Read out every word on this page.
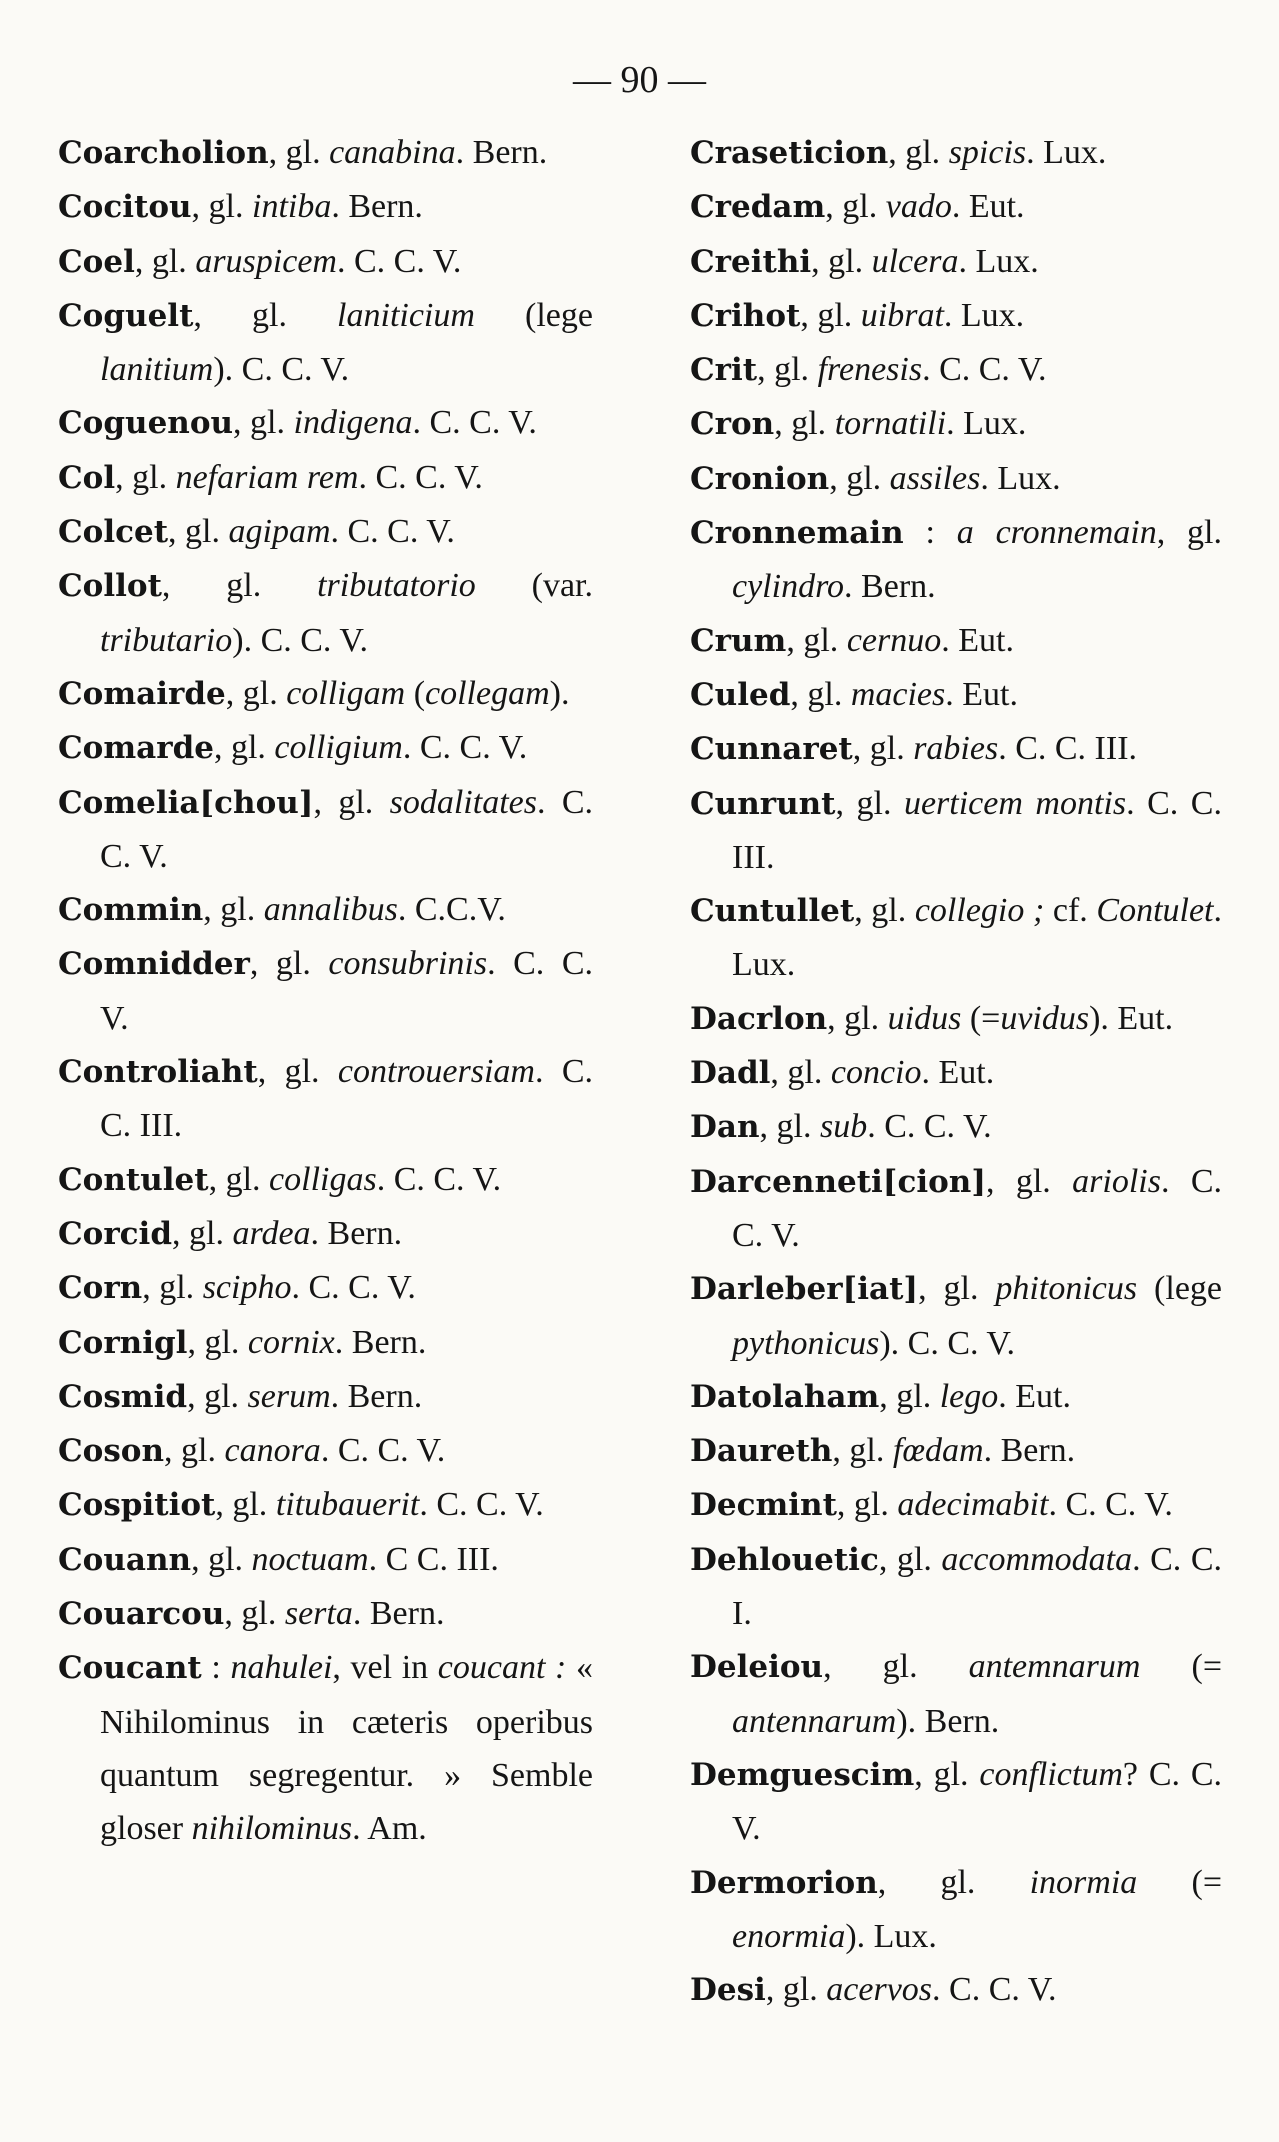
— 90 —

Coarcholion, gl. canabina. Bern.

Cocitou, gl. intiba. Bern.

Coel, gl. aruspicem. C. C. V.

Coguelt, gl. laniticium (lege lanitium). C. C. V.

Coguenou, gl. indigena. C. C. V.

Col, gl. nefariam rem. C. C. V.

Colcet, gl. agipam. C. C. V.

Collot, gl. tributatorio (var. tributario). C. C. V.

Comairde, gl. colligam (collegam).

Comarde, gl. colligium. C. C. V.

Comelia[chou], gl. sodalitates. C. C. V.

Commin, gl. annalibus. C.C.V.

Comnidder, gl. consubrinis. C. C. V.

Controliaht, gl. controuersiam. C. C. III.

Contulet, gl. colligas. C. C. V.

Corcid, gl. ardea. Bern.

Corn, gl. scipho. C. C. V.

Cornigl, gl. cornix. Bern.

Cosmid, gl. serum. Bern.

Coson, gl. canora. C. C. V.

Cospitiot, gl. titubauerit. C. C. V.

Couann, gl. noctuam. C C. III.

Couarcou, gl. serta. Bern.

Coucant : nahulei, vel in coucant : « Nihilominus in cæteris operibus quantum segregentur. » Semble gloser nihilominus. Am.

Craseticion, gl. spicis. Lux.

Credam, gl. vado. Eut.

Creithi, gl. ulcera. Lux.

Crihot, gl. uibrat. Lux.

Crit, gl. frenesis. C. C. V.

Cron, gl. tornatili. Lux.

Cronion, gl. assiles. Lux.

Cronnemain : a cronnemain, gl. cylindro. Bern.

Crum, gl. cernuo. Eut.

Culed, gl. macies. Eut.

Cunnaret, gl. rabies. C. C. III.

Cunrunt, gl. uerticem montis. C. C. III.

Cuntullet, gl. collegio ; cf. Contulet. Lux.

Dacrlon, gl. uidus (=uvidus). Eut.

Dadl, gl. concio. Eut.

Dan, gl. sub. C. C. V.

Darcenneti[cion], gl. ariolis. C. C. V.

Darleber[iat], gl. phitonicus (lege pythonicus). C. C. V.

Datolaham, gl. lego. Eut.

Daureth, gl. fœdam. Bern.

Decmint, gl. adecimabit. C. C. V.

Dehlouetic, gl. accommodata. C. C. I.

Deleiou, gl. antemnarum (= antennarum). Bern.

Demguescim, gl. conflictum? C. C. V.

Dermorion, gl. inormia (= enormia). Lux.

Desi, gl. acervos. C. C. V.
